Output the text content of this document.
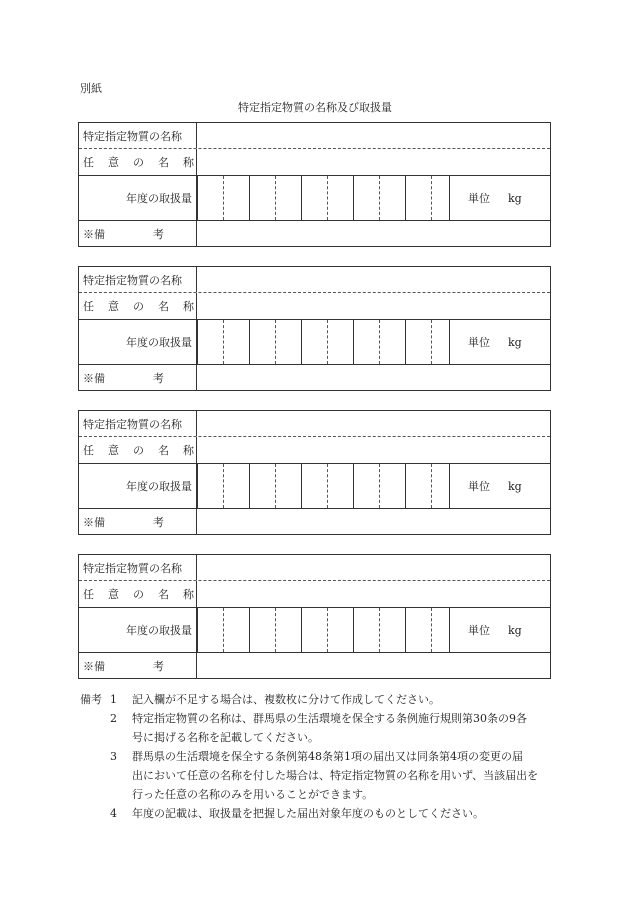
別紙
特定指定物質の名称及び取扱量
特定指定物質の名称
任意の名称
年度の取扱量	単位 kg
※備	考
特定指定物質の名称
任意の名称
年度の取扱量	単位 kg
※備	考
特定指定物質の名称
任意の名称
年度の取扱量	単位 kg
※備	考
特定指定物質の名称
任意の名称
年度の取扱量	単位 kg
※備	考
備考 1 記入欄が不足する場合は、複数枚に分けて作成してください。
2 特定指定物質の名称は、群馬県の生活環境を保全する条例施行規則第30条の9各
号に掲げる名称を記載してください。
3 群馬県の生活環境を保全する条例第48条第1項の届出又は同条第4項の変更の届
出において任意の名称を付した場合は、特定指定物質の名称を用いず、当該届出を
行った任意の名称のみを用いることができます。
4 年度の記載は、取扱量を把握した届出対象年度のものとしてください。
